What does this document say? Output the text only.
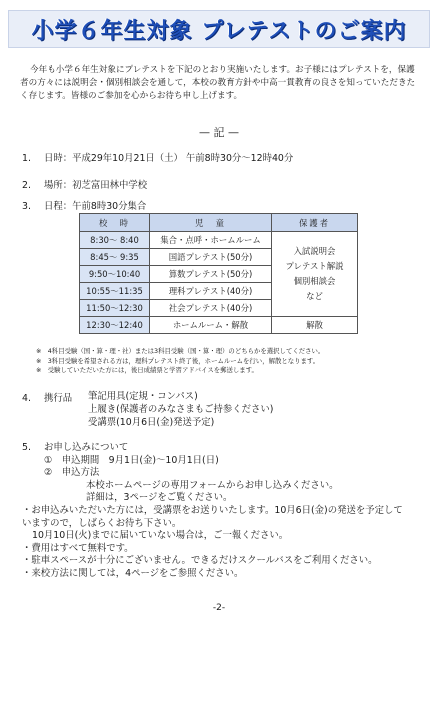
小学６年生対象 プレテストのご案内
今年も小学６年生対象にプレテストを下記のとおり実施いたします。お子様にはプレテストを，保護者の方々には説明会・個別相談会を通して，本校の教育方針や中高一貫教育の良さを知っていただきたく存じます。皆様のご参加を心からお待ち申し上げます。
— 記 —
1. 日時：平成29年10月21日（土） 午前8時30分～12時40分
2. 場所：初芝富田林中学校
3. 日程：午前8時30分集合
校　時	児　童	保護者
8:30～ 8:40	集合・点呼・ホームルーム	入試説明会
プレテスト解説
個別相談会
など

8:45～ 9:35	国語プレテスト(50分)	
9:50～10:40	算数プレテスト(50分)	
10:55～11:35	理科プレテスト(40分)	
11:50～12:30	社会プレテスト(40分)	
12:30～12:40	ホームルーム・解散	解散
※　4科目受験（国・算・理・社）または3科目受験（国・算・理）のどちらかを選択してください。
※　3科目受験を希望される方は，理科プレテスト終了後，ホームルームを行い，解散となります。
※　受験していただいた方には，後日成績票と学習アドバイスを郵送します。
4. 携行品 筆記用具(定規・コンパス)
上履き(保護者のみなさまもご持参ください)
受講票(10月6日(金)発送予定)
5. お申し込みについて
①　申込期間　9月1日(金)～10月1日(日)
②　申込方法
本校ホームページの専用フォームからお申し込みください。
詳細は，3ページをご覧ください。
・お申込みいただいた方には，受講票をお送りいたします。10月6日(金)の発送を予定していますので，しばらくお待ち下さい。
10月10日(火)までに届いていない場合は，ご一報ください。
・費用はすべて無料です。
・駐車スペースが十分にございません。できるだけスクールバスをご利用ください。
・来校方法に関しては，4ページをご参照ください。
-2-
